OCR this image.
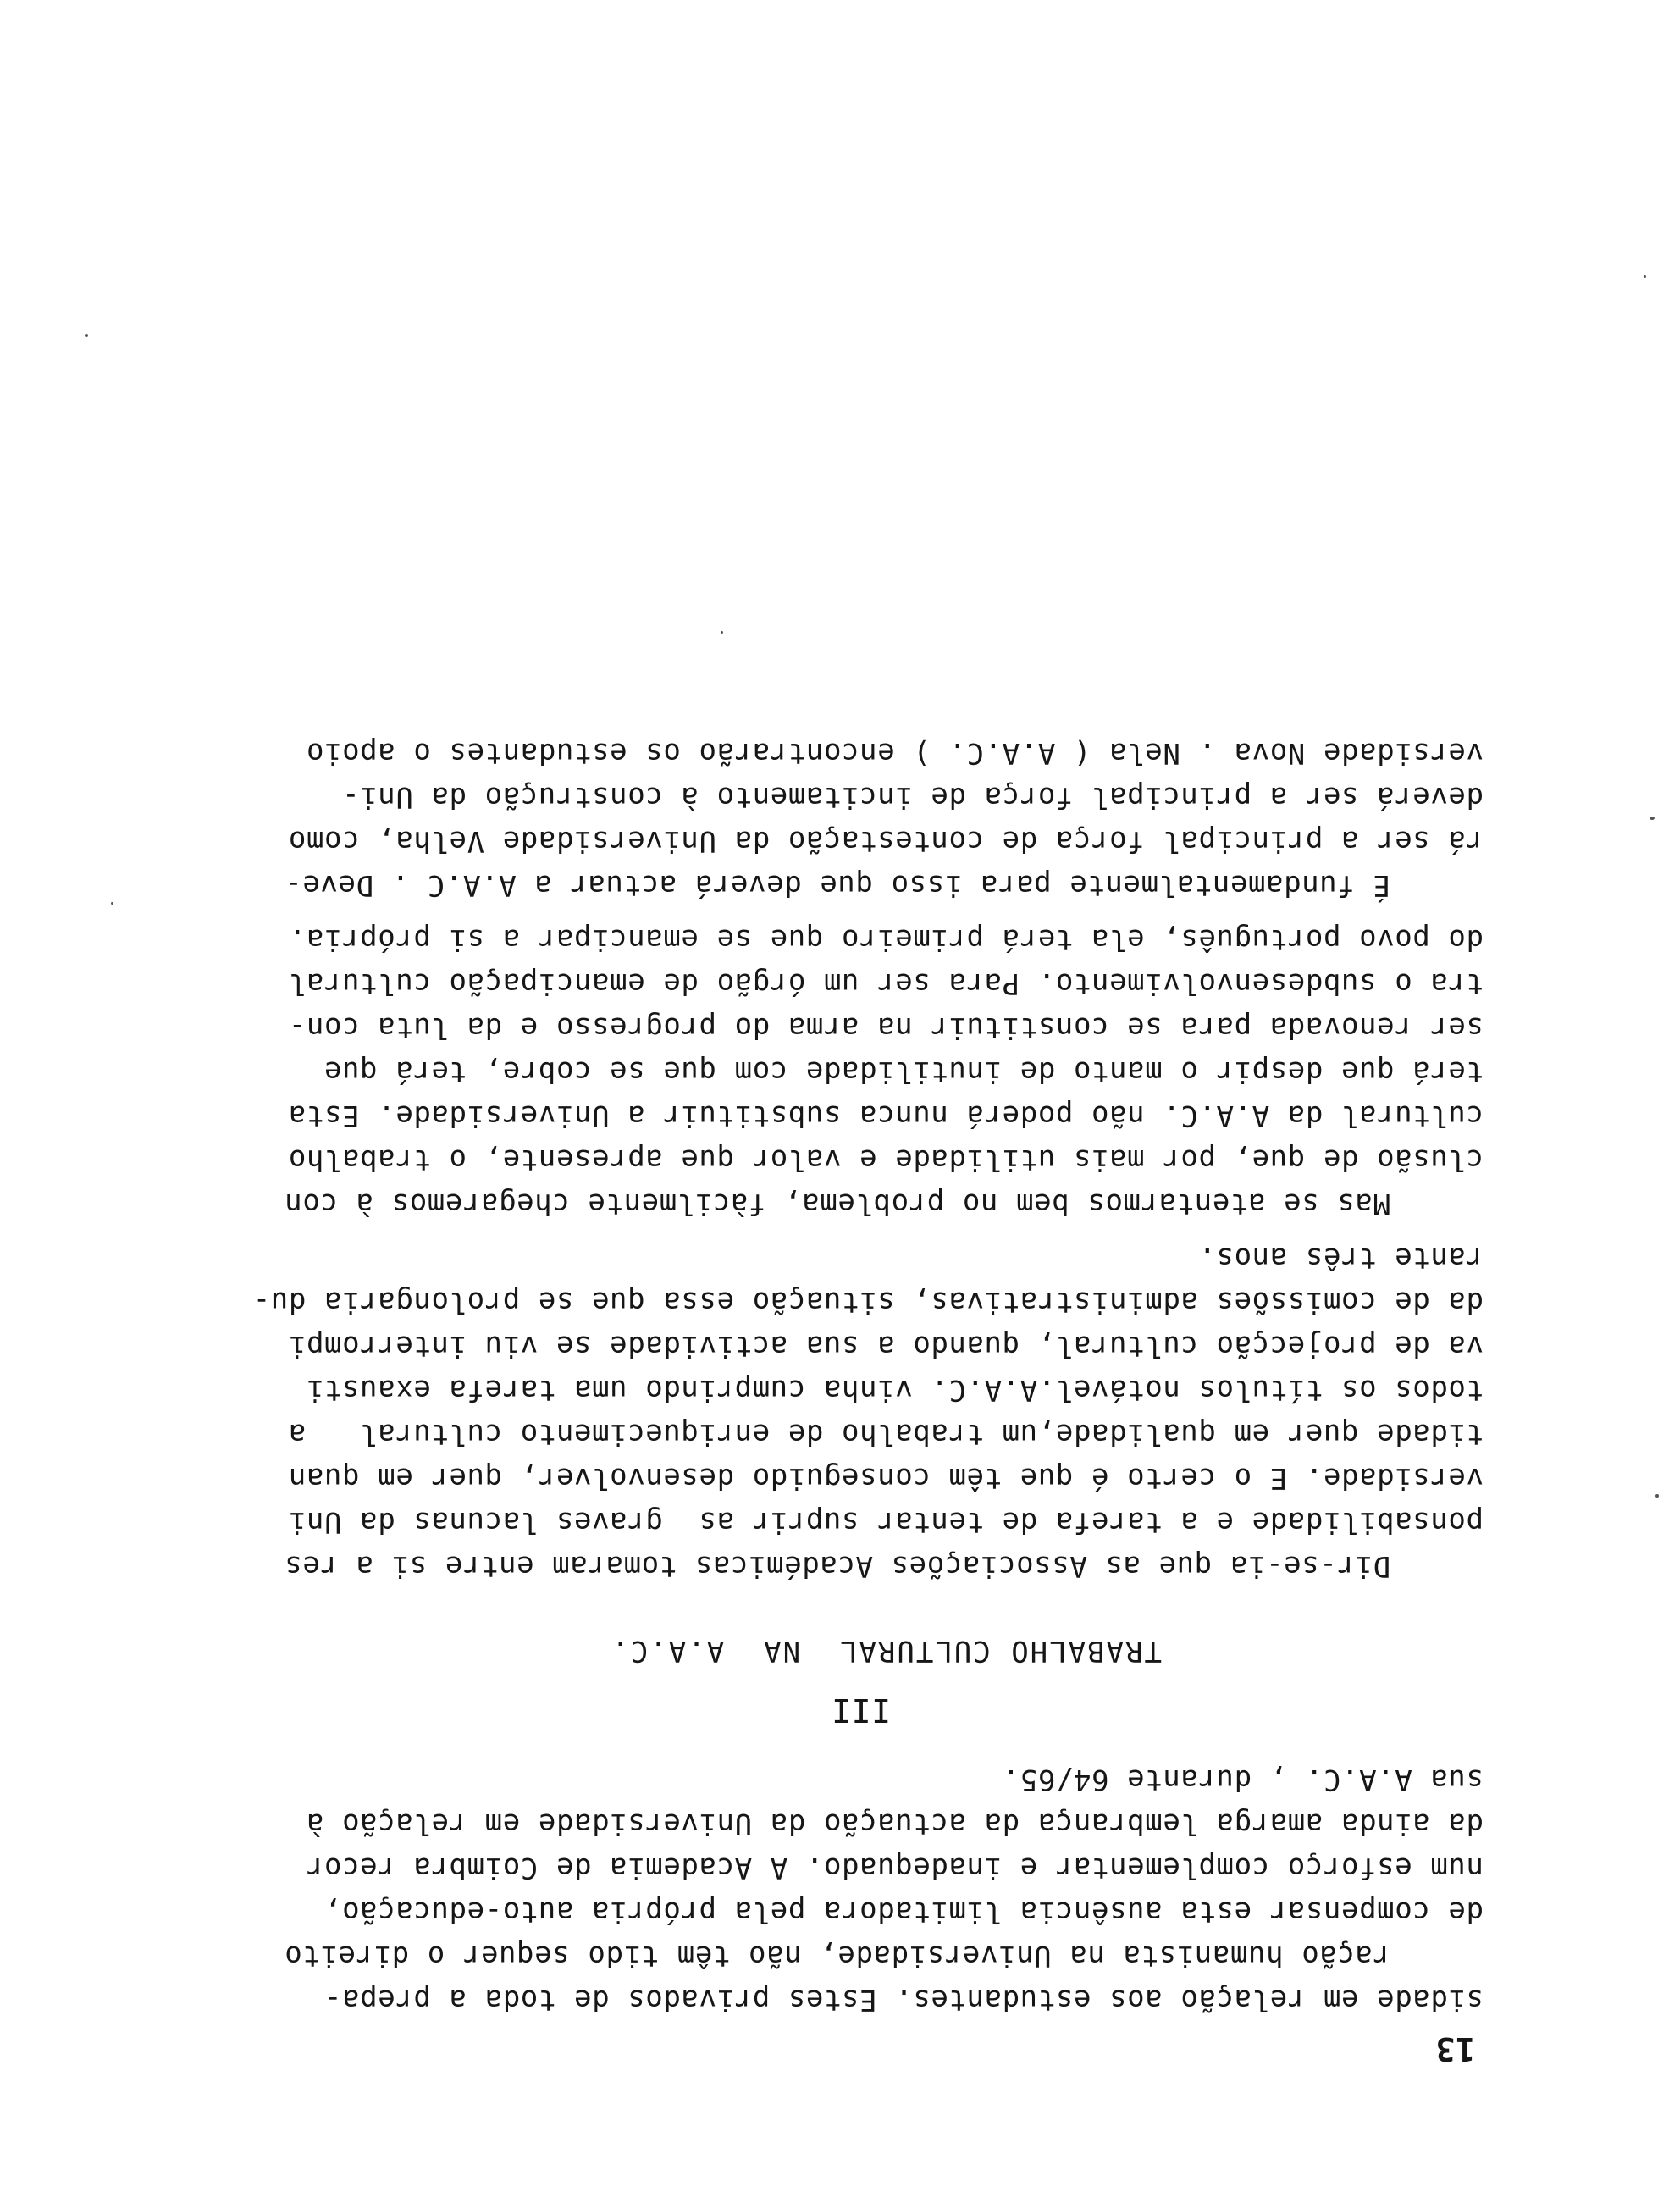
13
sidade em relação aos estudantes. Estes privados de toda a prepa-
ração humanista na Universidade, não têm tido sequer o direito
de compensar esta ausência limitadora pela própria auto-educação,
num esforço complementar e inadequado. A Academia de Coimbra recor
da ainda amarga lembrança da actuação da Universidade em relação à
sua A.A.C. , durante 64/65.
III
TRABALHO CULTURAL  NA  A.A.C.
Dir-se-ia que as Associações Académicas tomaram entre si a res
ponsabilidade e a tarefa de tentar suprir as  graves lacunas da Uni
versidade. E o certo é que têm conseguido desenvolver, quer em quan
tidade quer em qualidade,um trabalho de enriquecimento cultural   a
todos os títulos notável.A.A.C. vinha cumprindo uma tarefa exausti
va de projecção cultural, quando a sua actividade se viu interrompi
da de comissões administrativas, situação essa que se prolongaria du-
rante três anos.
Mas se atentarmos bem no problema, fàcilmente chegaremos à con
clusão de que, por mais utilidade e valor que apresente, o trabalho
cultural da A.A.C. não poderá nunca substituir a Universidade. Esta
terá que despir o manto de inutilidade com que se cobre, terá que
ser renovada para se constituir na arma do progresso e da luta con-
tra o subdesenvolvimento. Para ser um órgão de emancipação cultural
do povo português, ela terá primeiro que se emancipar a si própria.
É fundamentalmente para isso que deverá actuar a A.A.C . Deve-
rá ser a principal força de contestação da Universidade Velha, como
deverá ser a principal força de incitamento à construção da Uni-
versidade Nova . Nela ( A.A.C. ) encontrarão os estudantes o apoio
